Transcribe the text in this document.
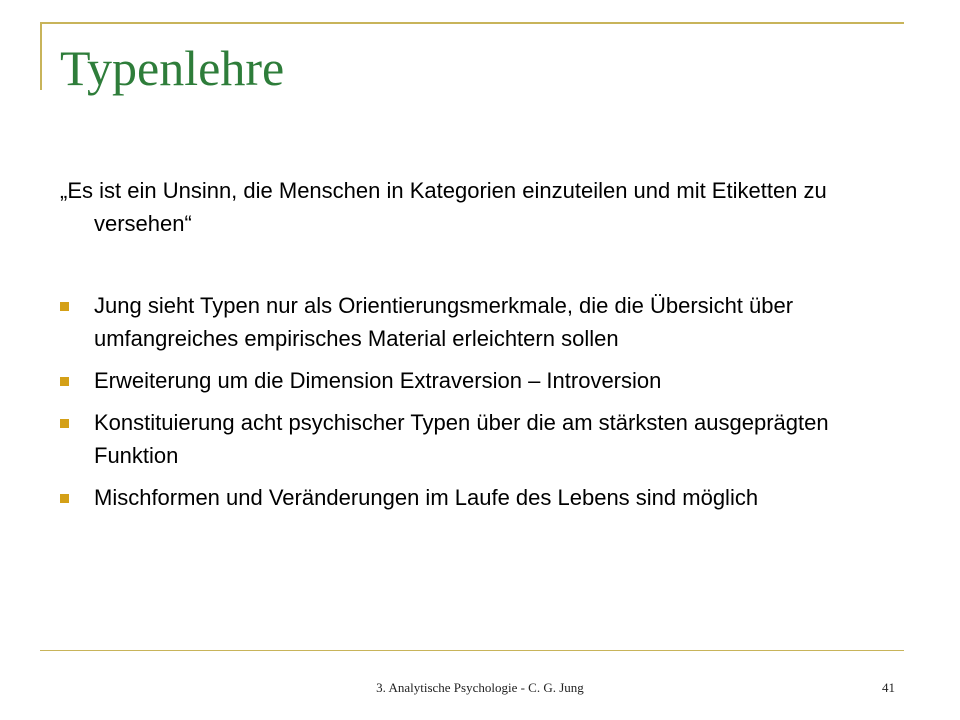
Typenlehre

„Es ist ein Unsinn, die Menschen in Kategorien einzuteilen und mit Etiketten zu versehen“

Jung sieht Typen nur als Orientierungsmerkmale, die die Übersicht über umfangreiches empirisches Material erleichtern sollen
Erweiterung um die Dimension Extraversion – Introversion
Konstituierung acht psychischer Typen über die am stärksten ausgeprägten Funktion
Mischformen und Veränderungen im Laufe des Lebens sind möglich
3. Analytische Psychologie - C. G. Jung	41
